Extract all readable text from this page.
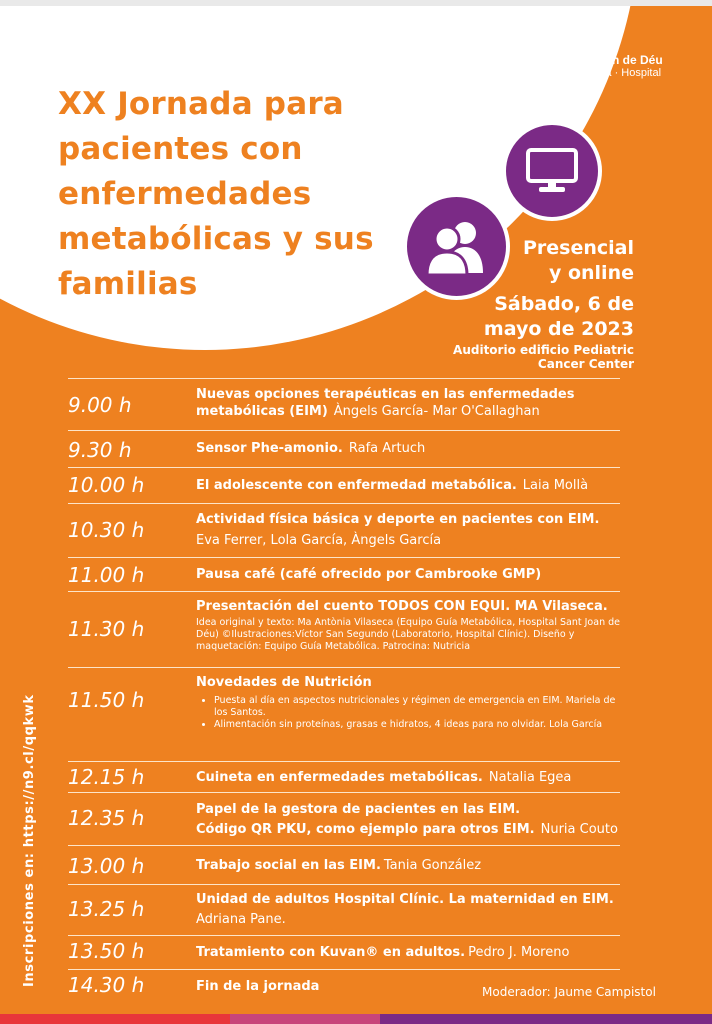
XX Jornada para pacientes con enfermedades metabólicas y sus familias
SJD Sant Joan de Déu
Barcelona · Hospital
Presencial
y online
Sábado, 6 de
mayo de 2023
Auditorio edificio Pediatric
Cancer Center
9.00 h	Nuevas opciones terapéuticas en las enfermedades metabólicas (EIM) Àngels García- Mar O'Callaghan
9.30 h	Sensor Phe-amonio. Rafa Artuch
10.00 h	El adolescente con enfermedad metabólica. Laia Mollà
10.30 h	Actividad física básica y deporte en pacientes con EIM.
Eva Ferrer, Lola García, Àngels García
11.00 h	Pausa café (café ofrecido por Cambrooke GMP)
11.30 h
Presentación del cuento TODOS CON EQUI. MA Vilaseca.
Idea original y texto: Ma Antònia Vilaseca (Equipo Guía Metabólica, Hospital Sant Joan de Déu) ©Ilustraciones:Víctor San Segundo (Laboratorio, Hospital Clínic). Diseño y maquetación: Equipo Guía Metabólica. Patrocina: Nutricia
11.50 h
Novedades de Nutrición
• Puesta al día en aspectos nutricionales y régimen de emergencia en EIM. Mariela de los Santos.
• Alimentación sin proteínas, grasas e hidratos, 4 ideas para no olvidar. Lola García
12.15 h	Cuineta en enfermedades metabólicas. Natalia Egea
12.35 h	Papel de la gestora de pacientes en las EIM.
Código QR PKU, como ejemplo para otros EIM. Nuria Couto
13.00 h	Trabajo social en las EIM. Tania González
13.25 h	Unidad de adultos Hospital Clínic. La maternidad en EIM.
Adriana Pane.
13.50 h	Tratamiento con Kuvan® en adultos. Pedro J. Moreno
14.30 h	Fin de la jornada	Moderador: Jaume Campistol
Inscripciones en: https://n9.cl/qqkwk
